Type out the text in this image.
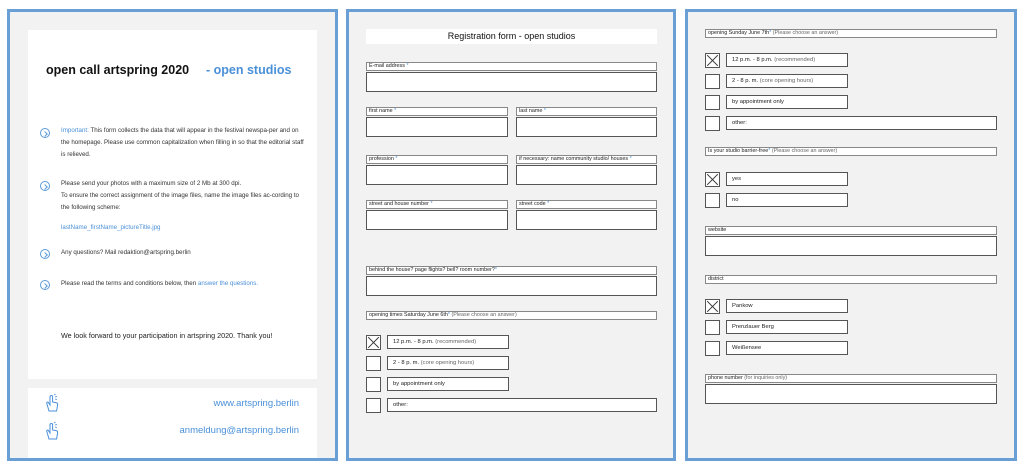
open call artspring 2020 - open studios
Important: This form collects the data that will appear in the festival newspa-per and on the homepage. Please use common capitalization when filling in so that the editorial staff is relieved.
Please send your photos with a maximum size of 2 Mb at 300 dpi.
To ensure the correct assignment of the image files, name the image files ac-cording to the following scheme:
lastName_firstName_pictureTitle.jpg
Any questions? Mail redaktion@artspring.berlin
Please read the terms and conditions below, then answer the questions.
We look forward to your participation in artspring 2020. Thank you!
www.artspring.berlin
anmeldung@artspring.berlin
Registration form - open studios
E-mail address *
first name *	last name *
profession *	if necessary: name community studio/ houses *
street and house number *	street code *
behind the house? page flights? bell? room number?*
opening times Saturday June 6th* (Please choose an answer)
12 p.m. - 8 p.m. (recommended)
2 - 8 p. m. (core opening hours)
by appointment only
other:
opening Sunday June 7th* (Please choose an answer)
12 p.m. - 8 p.m. (recommended)
2 - 8 p. m. (core opening hours)
by appointment only
other:
Is your studio barrier-free* (Please choose an answer)
yes
no
website
district
Pankow
Prenzlauer Berg
Weißensee
phone number (for inquiries only)
